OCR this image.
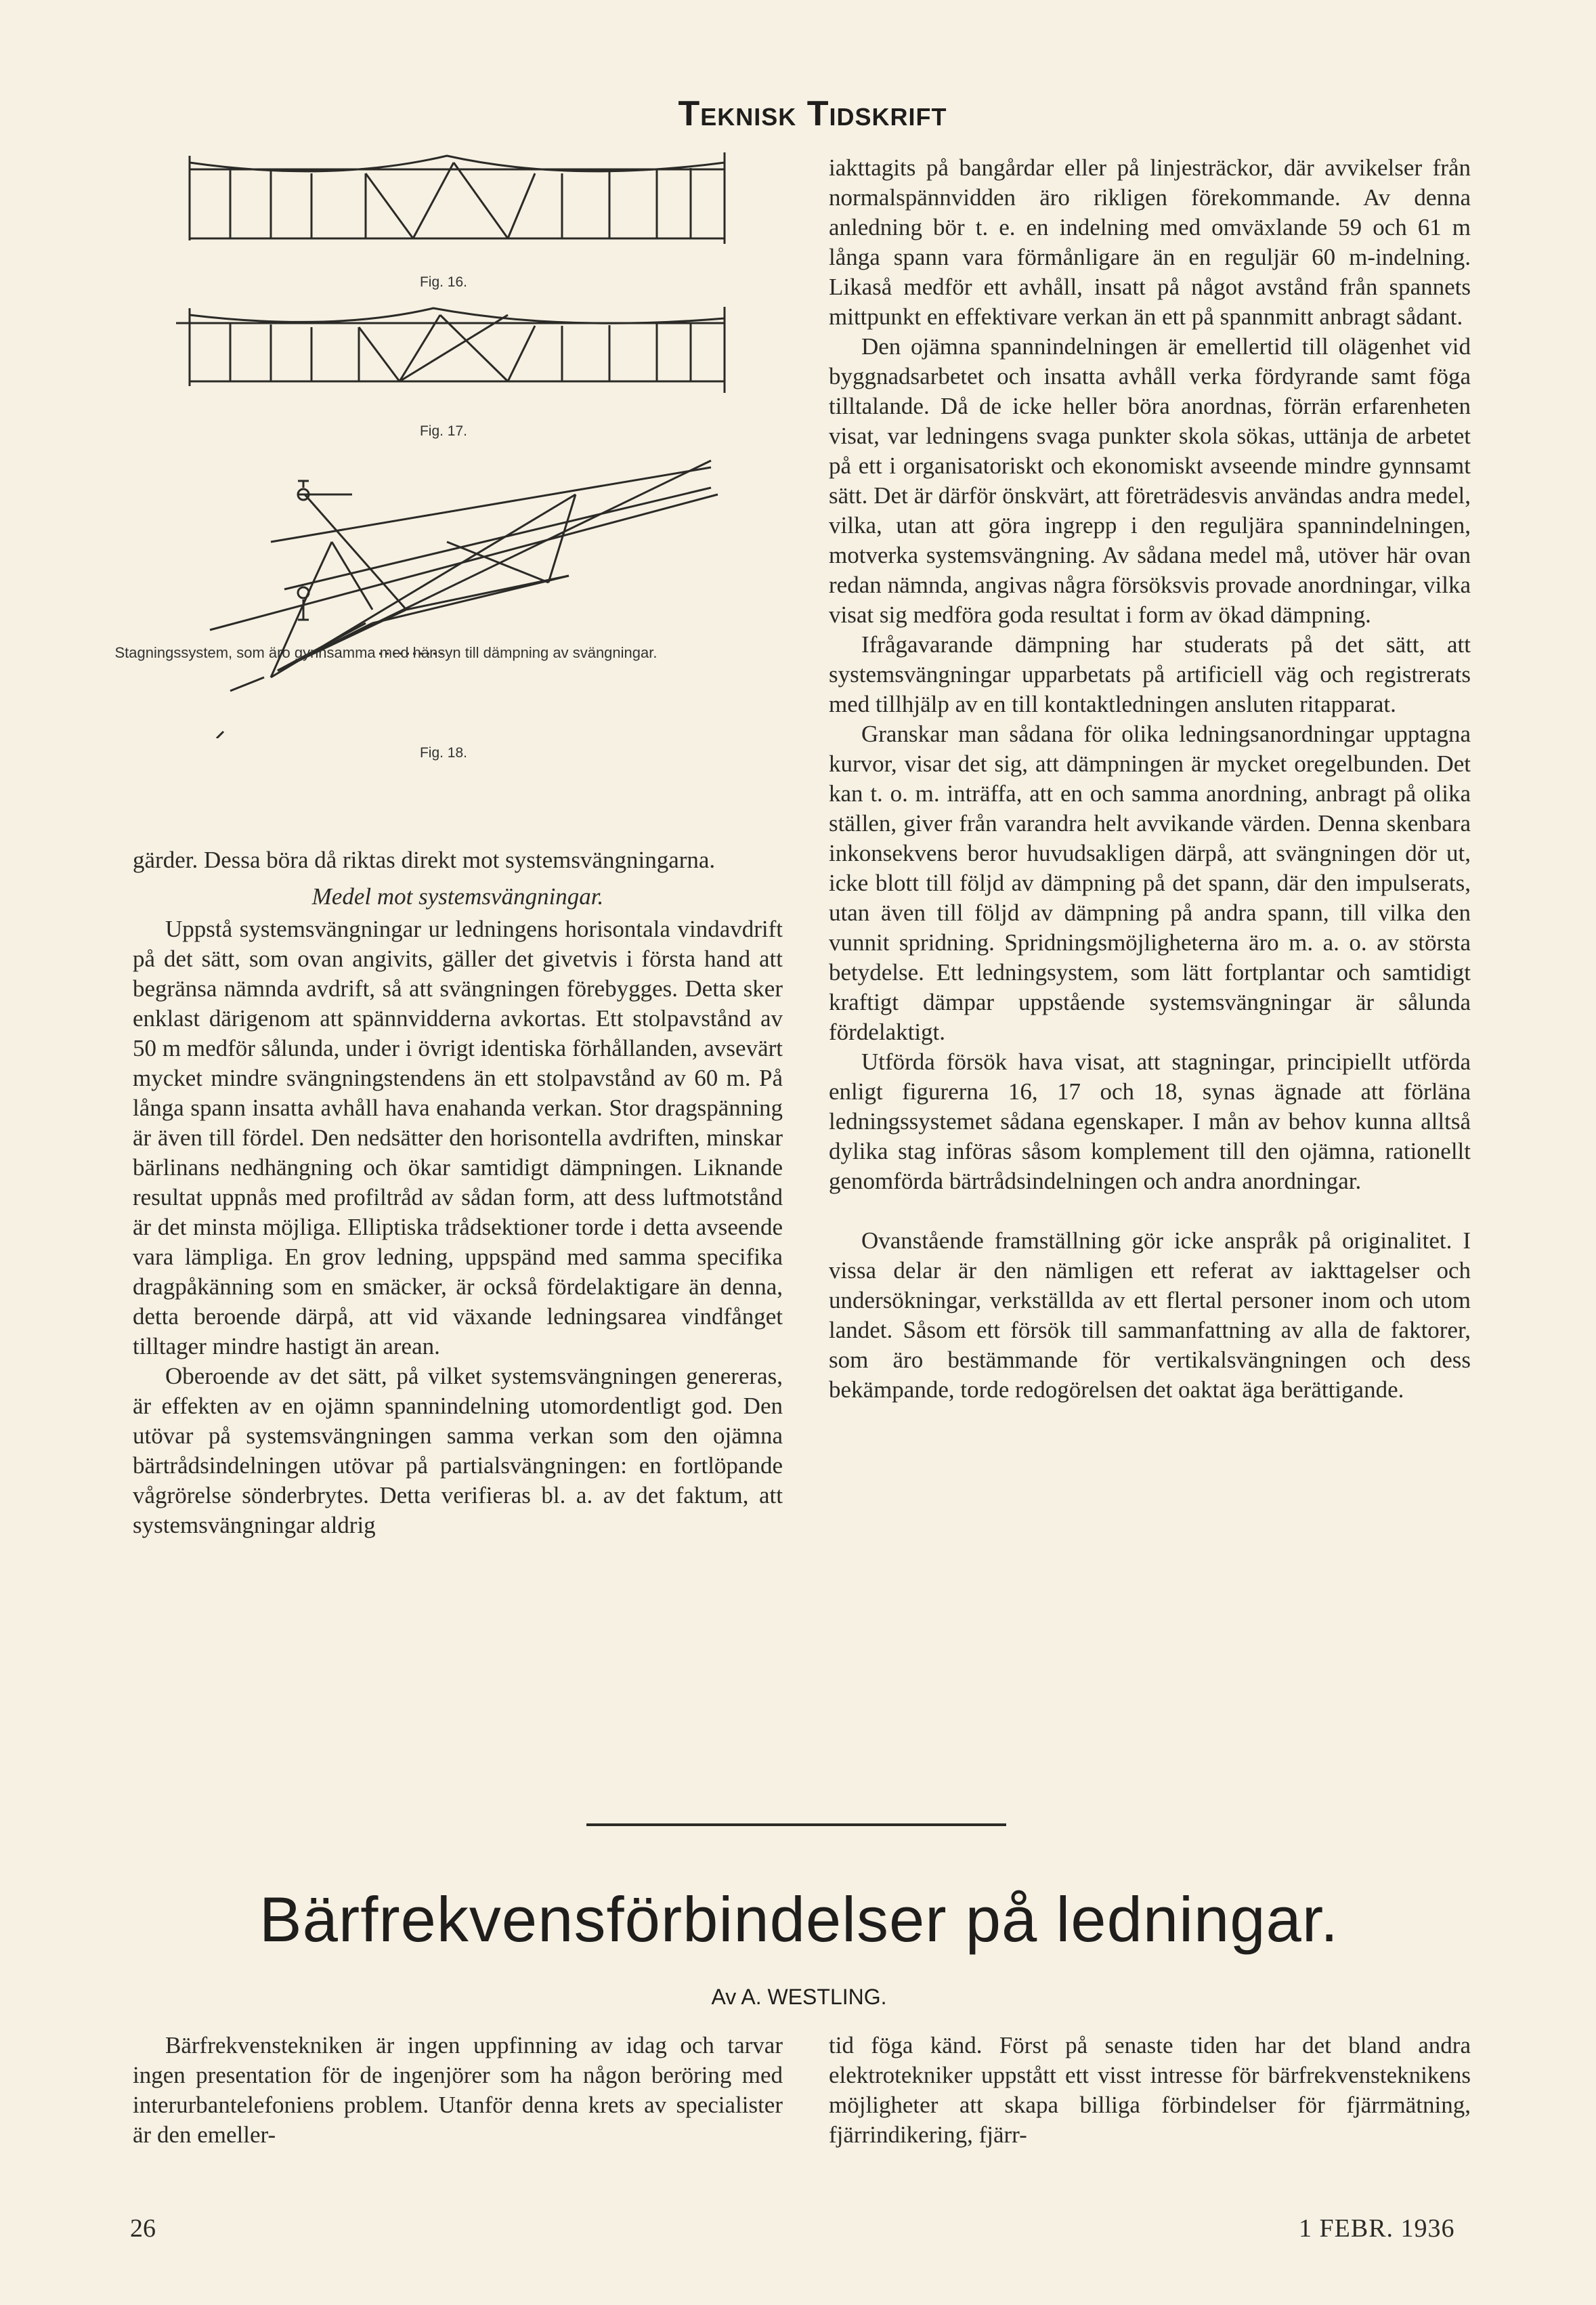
Teknisk Tidskrift
Fig. 16.
Fig. 17.
Fig. 18.
Stagningssystem, som äro gynnsamma med hänsyn till dämpning av svängningar.

gärder. Dessa böra då riktas direkt mot systemsvängningarna.

Medel mot systemsvängningar.

Uppstå systemsvängningar ur ledningens horisontala vindavdrift på det sätt, som ovan angivits, gäller det givetvis i första hand att begränsa nämnda avdrift, så att svängningen förebygges. Detta sker enklast därigenom att spännvidderna avkortas. Ett stolpavstånd av 50 m medför sålunda, under i övrigt identiska förhållanden, avsevärt mycket mindre svängningstendens än ett stolpavstånd av 60 m. På långa spann insatta avhåll hava enahanda verkan. Stor dragspänning är även till fördel. Den nedsätter den horisontella avdriften, minskar bärlinans nedhängning och ökar samtidigt dämpningen. Liknande resultat uppnås med profiltråd av sådan form, att dess luftmotstånd är det minsta möjliga. Elliptiska trådsektioner torde i detta avseende vara lämpliga. En grov ledning, uppspänd med samma specifika dragpåkänning som en smäcker, är också fördelaktigare än denna, detta beroende därpå, att vid växande ledningsarea vindfånget tilltager mindre hastigt än arean.

Oberoende av det sätt, på vilket systemsvängningen genereras, är effekten av en ojämn spannindelning utomordentligt god. Den utövar på systemsvängningen samma verkan som den ojämna bärtrådsindelningen utövar på partialsvängningen: en fortlöpande vågrörelse sönderbrytes. Detta verifieras bl. a. av det faktum, att systemsvängningar aldrig

iakttagits på bangårdar eller på linjesträckor, där avvikelser från normalspännvidden äro rikligen förekommande. Av denna anledning bör t. e. en indelning med omväxlande 59 och 61 m långa spann vara förmånligare än en reguljär 60 m-indelning. Likaså medför ett avhåll, insatt på något avstånd från spannets mittpunkt en effektivare verkan än ett på spannmitt anbragt sådant.

Den ojämna spannindelningen är emellertid till olägenhet vid byggnadsarbetet och insatta avhåll verka fördyrande samt föga tilltalande. Då de icke heller böra anordnas, förrän erfarenheten visat, var ledningens svaga punkter skola sökas, uttänja de arbetet på ett i organisatoriskt och ekonomiskt avseende mindre gynnsamt sätt. Det är därför önskvärt, att företrädesvis användas andra medel, vilka, utan att göra ingrepp i den reguljära spannindelningen, motverka systemsvängning. Av sådana medel må, utöver här ovan redan nämnda, angivas några försöksvis provade anordningar, vilka visat sig medföra goda resultat i form av ökad dämpning.

Ifrågavarande dämpning har studerats på det sätt, att systemsvängningar upparbetats på artificiell väg och registrerats med tillhjälp av en till kontaktledningen ansluten ritapparat.

Granskar man sådana för olika ledningsanordningar upptagna kurvor, visar det sig, att dämpningen är mycket oregelbunden. Det kan t. o. m. inträffa, att en och samma anordning, anbragt på olika ställen, giver från varandra helt avvikande värden. Denna skenbara inkonsekvens beror huvudsakligen därpå, att svängningen dör ut, icke blott till följd av dämpning på det spann, där den impulserats, utan även till följd av dämpning på andra spann, till vilka den vunnit spridning. Spridningsmöjligheterna äro m. a. o. av största betydelse. Ett ledningsystem, som lätt fortplantar och samtidigt kraftigt dämpar uppstående systemsvängningar är sålunda fördelaktigt.

Utförda försök hava visat, att stagningar, principiellt utförda enligt figurerna 16, 17 och 18, synas ägnade att förläna ledningssystemet sådana egenskaper. I mån av behov kunna alltså dylika stag införas såsom komplement till den ojämna, rationellt genomförda bärtrådsindelningen och andra anordningar.

Ovanstående framställning gör icke anspråk på originalitet. I vissa delar är den nämligen ett referat av iakttagelser och undersökningar, verkställda av ett flertal personer inom och utom landet. Såsom ett försök till sammanfattning av alla de faktorer, som äro bestämmande för vertikalsvängningen och dess bekämpande, torde redogörelsen det oaktat äga berättigande.

Bärfrekvensförbindelser på ledningar.
Av A. WESTLING.

Bärfrekvenstekniken är ingen uppfinning av idag och tarvar ingen presentation för de ingenjörer som ha någon beröring med interurbantelefoniens problem. Utanför denna krets av specialister är den emeller-

tid föga känd. Först på senaste tiden har det bland andra elektrotekniker uppstått ett visst intresse för bärfrekvensteknikens möjligheter att skapa billiga förbindelser för fjärrmätning, fjärrindikering, fjärr-

26	1 FEBR. 1936
